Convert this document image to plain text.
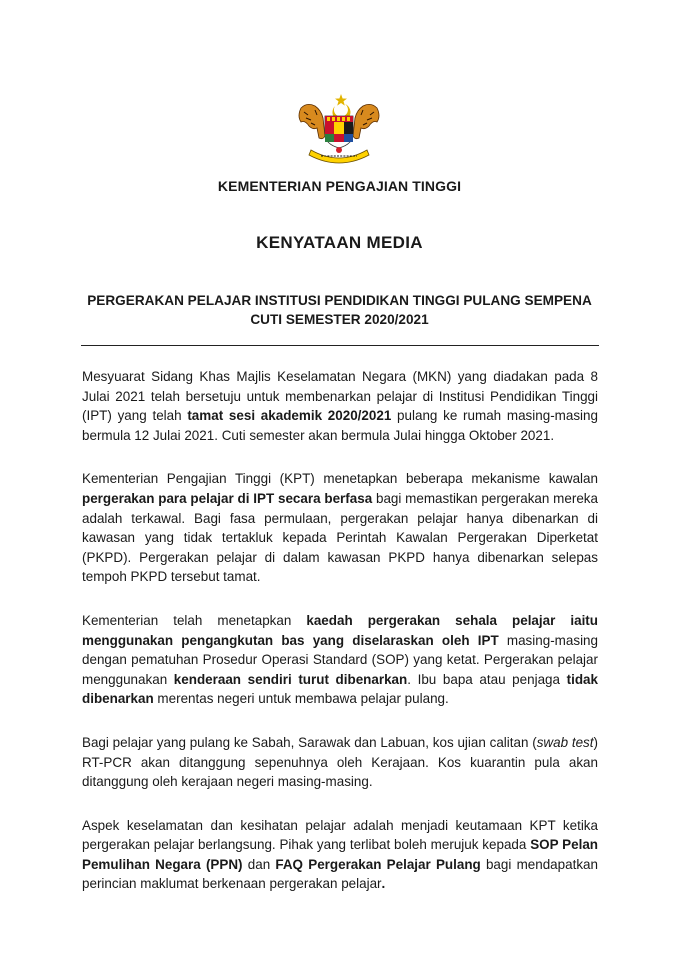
KEMENTERIAN PENGAJIAN TINGGI
KENYATAAN MEDIA
PERGERAKAN PELAJAR INSTITUSI PENDIDIKAN TINGGI PULANG SEMPENA
CUTI SEMESTER 2020/2021

Mesyuarat Sidang Khas Majlis Keselamatan Negara (MKN) yang diadakan pada 8 Julai 2021 telah bersetuju untuk membenarkan pelajar di Institusi Pendidikan Tinggi (IPT) yang telah tamat sesi akademik 2020/2021 pulang ke rumah masing-masing bermula 12 Julai 2021. Cuti semester akan bermula Julai hingga Oktober 2021.

Kementerian Pengajian Tinggi (KPT) menetapkan beberapa mekanisme kawalan pergerakan para pelajar di IPT secara berfasa bagi memastikan pergerakan mereka adalah terkawal. Bagi fasa permulaan, pergerakan pelajar hanya dibenarkan di kawasan yang tidak tertakluk kepada Perintah Kawalan Pergerakan Diperketat (PKPD). Pergerakan pelajar di dalam kawasan PKPD hanya dibenarkan selepas tempoh PKPD tersebut tamat.

Kementerian telah menetapkan kaedah pergerakan sehala pelajar iaitu menggunakan pengangkutan bas yang diselaraskan oleh IPT masing-masing dengan pematuhan Prosedur Operasi Standard (SOP) yang ketat. Pergerakan pelajar menggunakan kenderaan sendiri turut dibenarkan. Ibu bapa atau penjaga tidak dibenarkan merentas negeri untuk membawa pelajar pulang.

Bagi pelajar yang pulang ke Sabah, Sarawak dan Labuan, kos ujian calitan (swab test) RT-PCR akan ditanggung sepenuhnya oleh Kerajaan. Kos kuarantin pula akan ditanggung oleh kerajaan negeri masing-masing.

Aspek keselamatan dan kesihatan pelajar adalah menjadi keutamaan KPT ketika pergerakan pelajar berlangsung. Pihak yang terlibat boleh merujuk kepada SOP Pelan Pemulihan Negara (PPN) dan FAQ Pergerakan Pelajar Pulang bagi mendapatkan perincian maklumat berkenaan pergerakan pelajar.
